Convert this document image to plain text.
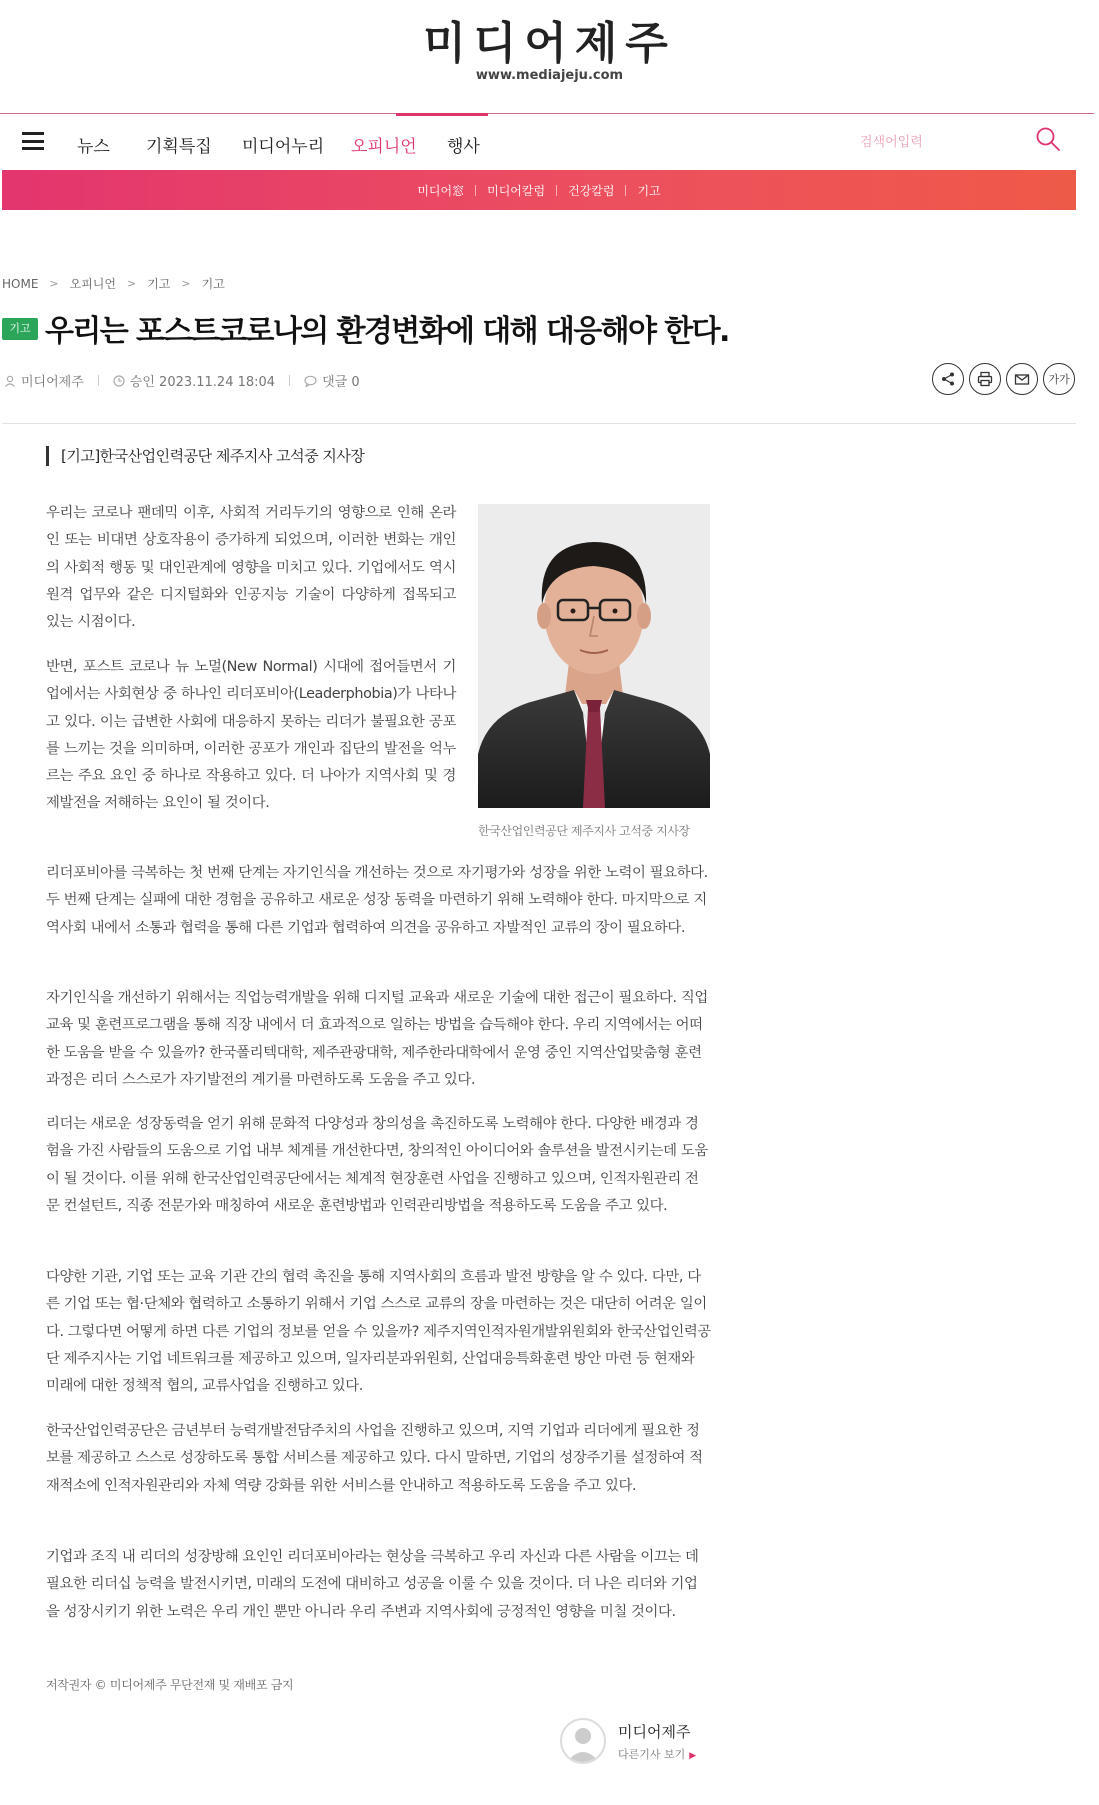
미디어제주
www.mediajeju.com
뉴스 기획특집 미디어누리 오피니언 행사
검색어입력
미디어窓	미디어칼럼	건강칼럼	기고
HOME > 오피니언 > 기고 > 기고
기고 우리는 포스트코로나의 환경변화에 대해 대응해야 한다.
미디어제주	승인 2023.11.24 18:04	댓글 0	가가
[기고]한국산업인력공단 제주지사 고석중 지사장

우리는 코로나 팬데믹 이후, 사회적 거리두기의 영향으로 인해 온라인 또는 비대면 상호작용이 증가하게 되었으며, 이러한 변화는 개인의 사회적 행동 및 대인관계에 영향을 미치고 있다. 기업에서도 역시 원격 업무와 같은 디지털화와 인공지능 기술이 다양하게 접목되고 있는 시점이다.

반면, 포스트 코로나 뉴 노멀(New Normal) 시대에 접어들면서 기업에서는 사회현상 중 하나인 리더포비아(Leaderphobia)가 나타나고 있다. 이는 급변한 사회에 대응하지 못하는 리더가 불필요한 공포를 느끼는 것을 의미하며, 이러한 공포가 개인과 집단의 발전을 억누르는 주요 요인 중 하나로 작용하고 있다. 더 나아가 지역사회 및 경제발전을 저해하는 요인이 될 것이다.

한국산업인력공단 제주지사 고석중 지사장

리더포비아를 극복하는 첫 번째 단계는 자기인식을 개선하는 것으로 자기평가와 성장을 위한 노력이 필요하다. 두 번째 단계는 실패에 대한 경험을 공유하고 새로운 성장 동력을 마련하기 위해 노력해야 한다. 마지막으로 지역사회 내에서 소통과 협력을 통해 다른 기업과 협력하여 의견을 공유하고 자발적인 교류의 장이 필요하다.

자기인식을 개선하기 위해서는 직업능력개발을 위해 디지털 교육과 새로운 기술에 대한 접근이 필요하다. 직업교육 및 훈련프로그램을 통해 직장 내에서 더 효과적으로 일하는 방법을 습득해야 한다. 우리 지역에서는 어떠한 도움을 받을 수 있을까? 한국폴리텍대학, 제주관광대학, 제주한라대학에서 운영 중인 지역산업맞춤형 훈련과정은 리더 스스로가 자기발전의 계기를 마련하도록 도움을 주고 있다.

리더는 새로운 성장동력을 얻기 위해 문화적 다양성과 창의성을 촉진하도록 노력해야 한다. 다양한 배경과 경험을 가진 사람들의 도움으로 기업 내부 체계를 개선한다면, 창의적인 아이디어와 솔루션을 발전시키는데 도움이 될 것이다. 이를 위해 한국산업인력공단에서는 체계적 현장훈련 사업을 진행하고 있으며, 인적자원관리 전문 컨설턴트, 직종 전문가와 매칭하여 새로운 훈련방법과 인력관리방법을 적용하도록 도움을 주고 있다.

다양한 기관, 기업 또는 교육 기관 간의 협력 촉진을 통해 지역사회의 흐름과 발전 방향을 알 수 있다. 다만, 다른 기업 또는 협·단체와 협력하고 소통하기 위해서 기업 스스로 교류의 장을 마련하는 것은 대단히 어려운 일이다. 그렇다면 어떻게 하면 다른 기업의 정보를 얻을 수 있을까? 제주지역인적자원개발위원회와 한국산업인력공단 제주지사는 기업 네트워크를 제공하고 있으며, 일자리분과위원회, 산업대응특화훈련 방안 마련 등 현재와 미래에 대한 정책적 협의, 교류사업을 진행하고 있다.

한국산업인력공단은 금년부터 능력개발전담주치의 사업을 진행하고 있으며, 지역 기업과 리더에게 필요한 정보를 제공하고 스스로 성장하도록 통합 서비스를 제공하고 있다. 다시 말하면, 기업의 성장주기를 설정하여 적재적소에 인적자원관리와 자체 역량 강화를 위한 서비스를 안내하고 적용하도록 도움을 주고 있다.

기업과 조직 내 리더의 성장방해 요인인 리더포비아라는 현상을 극복하고 우리 자신과 다른 사람을 이끄는 데 필요한 리더십 능력을 발전시키면, 미래의 도전에 대비하고 성공을 이룰 수 있을 것이다. 더 나은 리더와 기업을 성장시키기 위한 노력은 우리 개인 뿐만 아니라 우리 주변과 지역사회에 긍정적인 영향을 미칠 것이다.

저작권자 © 미디어제주 무단전재 및 재배포 금지
미디어제주
다른기사 보기 ▶
